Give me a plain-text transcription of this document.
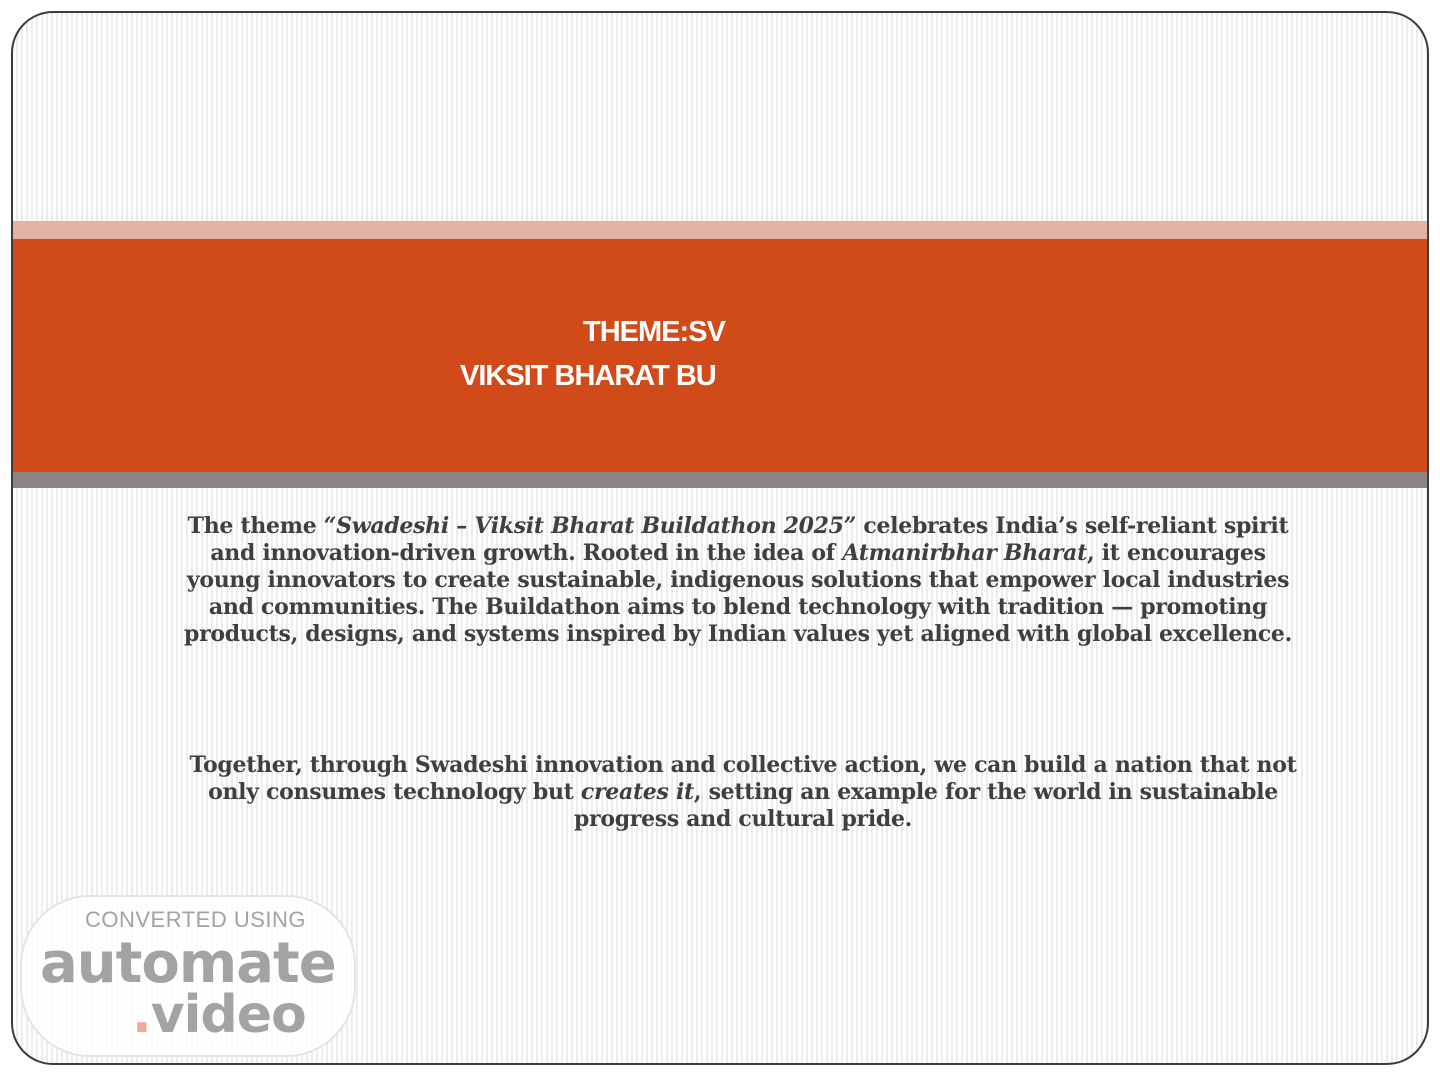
THEME:SV
VIKSIT BHARAT BU
The theme “Swadeshi – Viksit Bharat Buildathon 2025” celebrates India’s self-reliant spirit and innovation-driven growth. Rooted in the idea of Atmanirbhar Bharat, it encourages young innovators to create sustainable, indigenous solutions that empower local industries and communities. The Buildathon aims to blend technology with tradition — promoting products, designs, and systems inspired by Indian values yet aligned with global excellence.
Together, through Swadeshi innovation and collective action, we can build a nation that not only consumes technology but creates it, setting an example for the world in sustainable progress and cultural pride.
CONVERTED USING
automate
.video
